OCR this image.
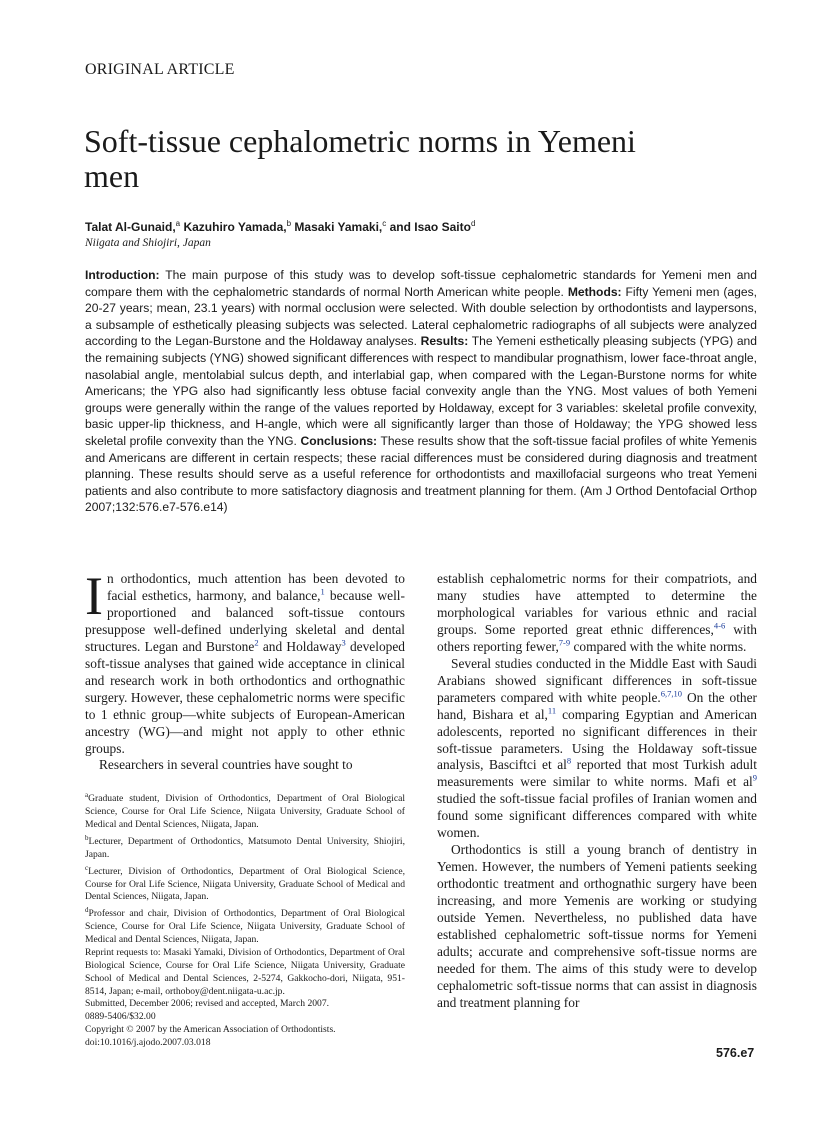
ORIGINAL ARTICLE
Soft-tissue cephalometric norms in Yemeni men
Talat Al-Gunaid,$^a$ Kazuhiro Yamada,$^b$ Masaki Yamaki,$^c$ and Isao Saito$^d$
Niigata and Shiojiri, Japan
Introduction: The main purpose of this study was to develop soft-tissue cephalometric standards for Yemeni men and compare them with the cephalometric standards of normal North American white people. Methods: Fifty Yemeni men (ages, 20-27 years; mean, 23.1 years) with normal occlusion were selected. With double selection by orthodontists and laypersons, a subsample of esthetically pleasing subjects was selected. Lateral cephalometric radiographs of all subjects were analyzed according to the Legan-Burstone and the Holdaway analyses. Results: The Yemeni esthetically pleasing subjects (YPG) and the remaining subjects (YNG) showed significant differences with respect to mandibular prognathism, lower face-throat angle, nasolabial angle, mentolabial sulcus depth, and interlabial gap, when compared with the Legan-Burstone norms for white Americans; the YPG also had significantly less obtuse facial convexity angle than the YNG. Most values of both Yemeni groups were generally within the range of the values reported by Holdaway, except for 3 variables: skeletal profile convexity, basic upper-lip thickness, and H-angle, which were all significantly larger than those of Holdaway; the YPG showed less skeletal profile convexity than the YNG. Conclusions: These results show that the soft-tissue facial profiles of white Yemenis and Americans are different in certain respects; these racial differences must be considered during diagnosis and treatment planning. These results should serve as a useful reference for orthodontists and maxillofacial surgeons who treat Yemeni patients and also contribute to more satisfactory diagnosis and treatment planning for them. (Am J Orthod Dentofacial Orthop 2007;132:576.e7-576.e14)

In orthodontics, much attention has been devoted to facial esthetics, harmony, and balance,$^1$ because well-proportioned and balanced soft-tissue contours presuppose well-defined underlying skeletal and dental structures. Legan and Burstone$^2$ and Holdaway$^3$ developed soft-tissue analyses that gained wide acceptance in clinical and research work in both orthodontics and orthognathic surgery. However, these cephalometric norms were specific to 1 ethnic group—white subjects of European-American ancestry (WG)—and might not apply to other ethnic groups.

Researchers in several countries have sought to

establish cephalometric norms for their compatriots, and many studies have attempted to determine the morphological variables for various ethnic and racial groups. Some reported great ethnic differences,$^{4-6}$ with others reporting fewer,$^{7-9}$ compared with the white norms.

Several studies conducted in the Middle East with Saudi Arabians showed significant differences in soft-tissue parameters compared with white people.$^{6,7,10}$ On the other hand, Bishara et al,$^{11}$ comparing Egyptian and American adolescents, reported no significant differences in their soft-tissue parameters. Using the Holdaway soft-tissue analysis, Basciftci et $al^8$ reported that most Turkish adult measurements were similar to white norms. Mafi et $al^9$ studied the soft-tissue facial profiles of Iranian women and found some significant differences compared with white women.

Orthodontics is still a young branch of dentistry in Yemen. However, the numbers of Yemeni patients seeking orthodontic treatment and orthognathic surgery have been increasing, and more Yemenis are working or studying outside Yemen. Nevertheless, no published data have established cephalometric soft-tissue norms for Yemeni adults; accurate and comprehensive soft-tissue norms are needed for them. The aims of this study were to develop cephalometric soft-tissue norms that can assist in diagnosis and treatment planning for

$^a$Graduate student, Division of Orthodontics, Department of Oral Biological Science, Course for Oral Life Science, Niigata University, Graduate School of Medical and Dental Sciences, Niigata, Japan.
$^b$Lecturer, Department of Orthodontics, Matsumoto Dental University, Shiojiri, Japan.
$^c$Lecturer, Division of Orthodontics, Department of Oral Biological Science, Course for Oral Life Science, Niigata University, Graduate School of Medical and Dental Sciences, Niigata, Japan.
$^d$Professor and chair, Division of Orthodontics, Department of Oral Biological Science, Course for Oral Life Science, Niigata University, Graduate School of Medical and Dental Sciences, Niigata, Japan.
Reprint requests to: Masaki Yamaki, Division of Orthodontics, Department of Oral Biological Science, Course for Oral Life Science, Niigata University, Graduate School of Medical and Dental Sciences, 2-5274, Gakkocho-dori, Niigata, 951-8514, Japan; e-mail, orthoboy@dent.niigata-u.ac.jp.
Submitted, December 2006; revised and accepted, March 2007.
0889-5406/$32.00
Copyright © 2007 by the American Association of Orthodontists.
doi:10.1016/j.ajodo.2007.03.018
576.e7
